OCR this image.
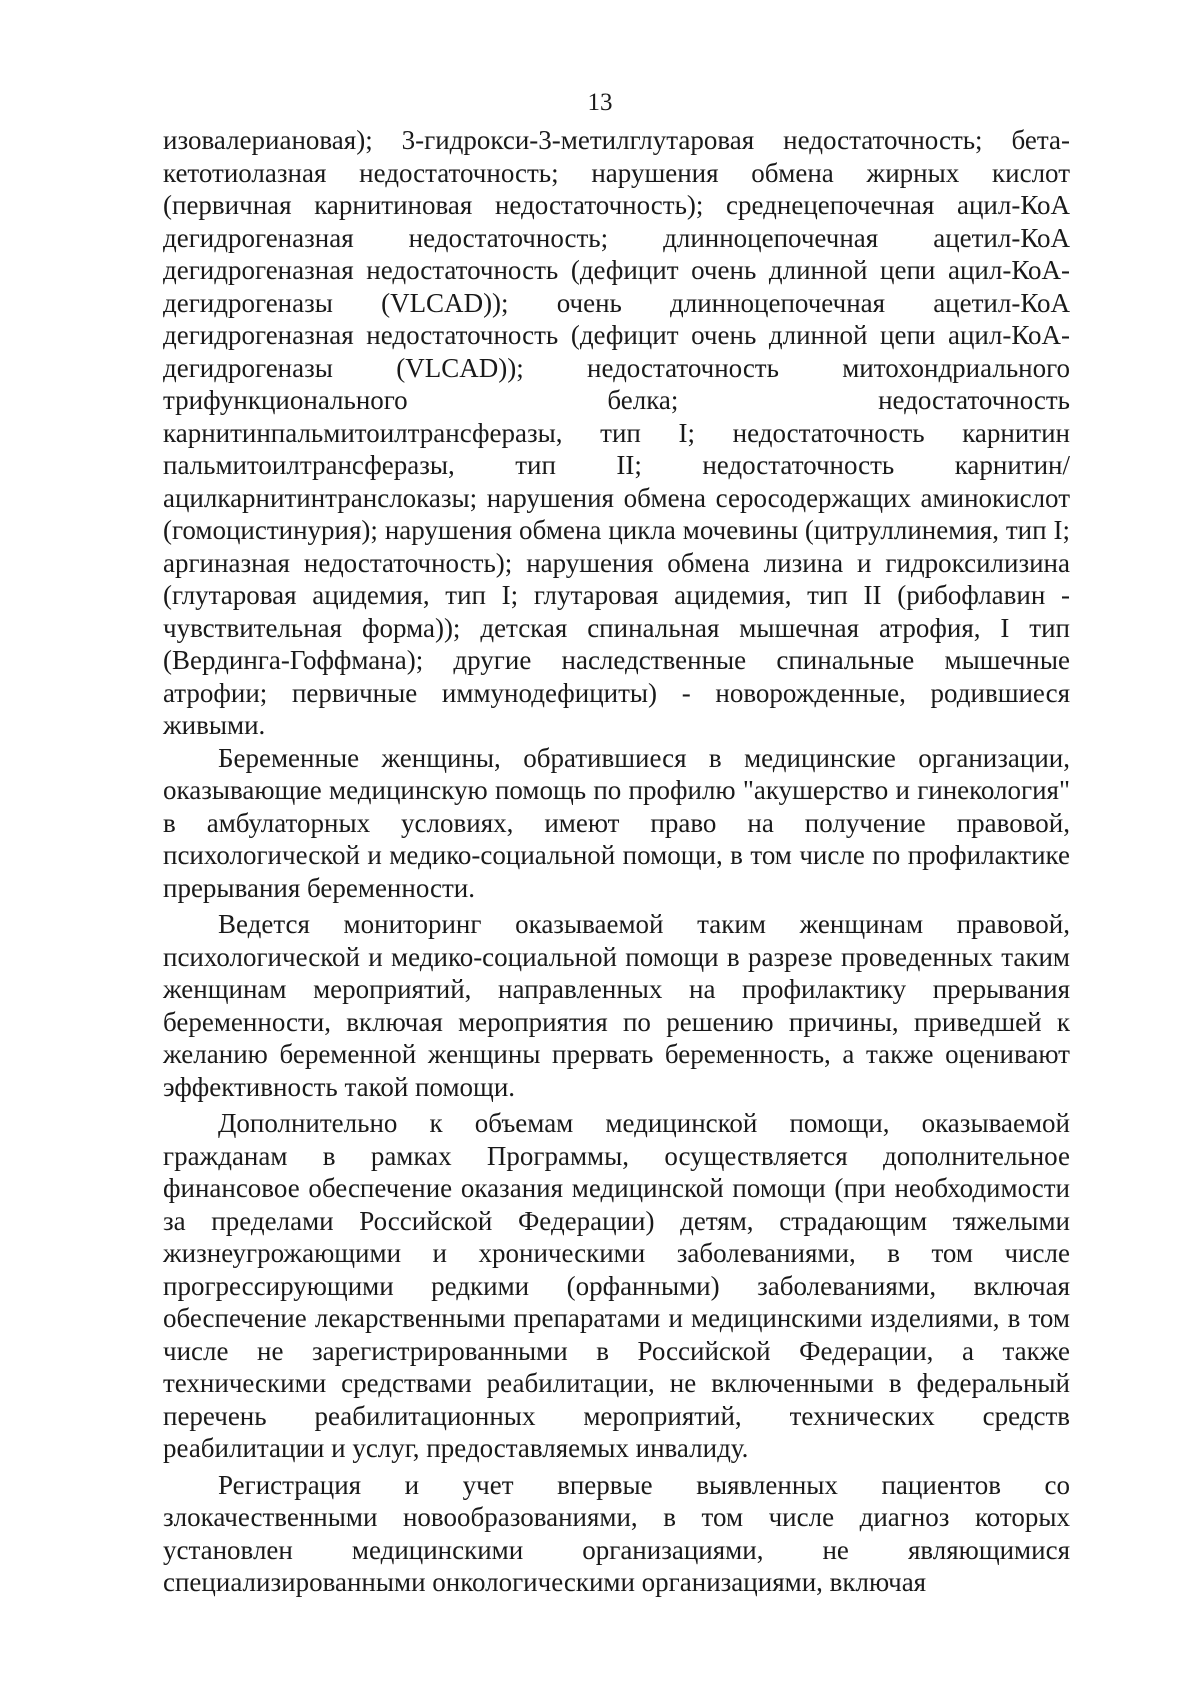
13

изовалериановая); 3-гидрокси-3-метилглутаровая недостаточность; бета-кетотиолазная недостаточность; нарушения обмена жирных кислот (первичная карнитиновая недостаточность); среднецепочечная ацил-КоА дегидрогеназная недостаточность; длинноцепочечная ацетил-КоА дегидрогеназная недостаточность (дефицит очень длинной цепи ацил-КоА-дегидрогеназы (VLCAD)); очень длинноцепочечная ацетил-КоА дегидрогеназная недостаточность (дефицит очень длинной цепи ацил-КоА-дегидрогеназы (VLCAD)); недостаточность митохондриального трифункционального белка; недостаточность карнитинпальмитоилтрансферазы, тип I; недостаточность карнитин пальмитоилтрансферазы, тип II; недостаточность карнитин/ ацилкарнитинтранслоказы; нарушения обмена серосодержащих аминокислот (гомоцистинурия); нарушения обмена цикла мочевины (цитруллинемия, тип I; аргиназная недостаточность); нарушения обмена лизина и гидроксилизина (глутаровая ацидемия, тип I; глутаровая ацидемия, тип II (рибофлавин - чувствительная форма)); детская спинальная мышечная атрофия, I тип (Вердинга-Гоффмана); другие наследственные спинальные мышечные атрофии; первичные иммунодефициты) - новорожденные, родившиеся живыми.

Беременные женщины, обратившиеся в медицинские организации, оказывающие медицинскую помощь по профилю "акушерство и гинекология" в амбулаторных условиях, имеют право на получение правовой, психологической и медико-социальной помощи, в том числе по профилактике прерывания беременности.

Ведется мониторинг оказываемой таким женщинам правовой, психологической и медико-социальной помощи в разрезе проведенных таким женщинам мероприятий, направленных на профилактику прерывания беременности, включая мероприятия по решению причины, приведшей к желанию беременной женщины прервать беременность, а также оценивают эффективность такой помощи.

Дополнительно к объемам медицинской помощи, оказываемой гражданам в рамках Программы, осуществляется дополнительное финансовое обеспечение оказания медицинской помощи (при необходимости за пределами Российской Федерации) детям, страдающим тяжелыми жизнеугрожающими и хроническими заболеваниями, в том числе прогрессирующими редкими (орфанными) заболеваниями, включая обеспечение лекарственными препаратами и медицинскими изделиями, в том числе не зарегистрированными в Российской Федерации, а также техническими средствами реабилитации, не включенными в федеральный перечень реабилитационных мероприятий, технических средств реабилитации и услуг, предоставляемых инвалиду.

Регистрация и учет впервые выявленных пациентов со злокачественными новообразованиями, в том числе диагноз которых установлен медицинскими организациями, не являющимися специализированными онкологическими организациями, включая
